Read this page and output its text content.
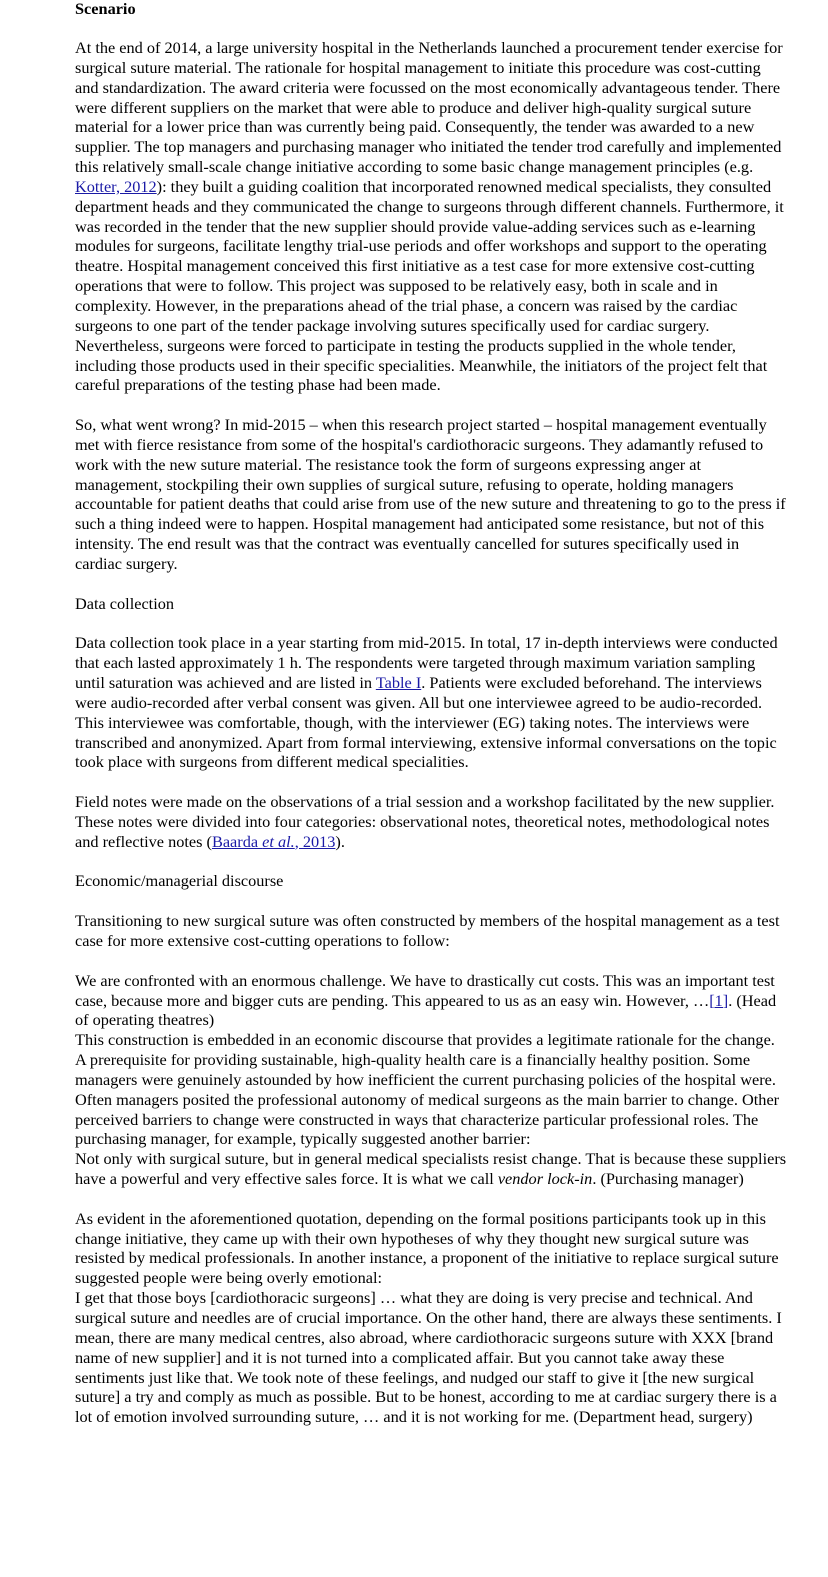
Scenario

At the end of 2014, a large university hospital in the Netherlands launched a procurement tender exercise for surgical suture material. The rationale for hospital management to initiate this procedure was cost-cutting and standardization. The award criteria were focussed on the most economically advantageous tender. There were different suppliers on the market that were able to produce and deliver high-quality surgical suture material for a lower price than was currently being paid. Consequently, the tender was awarded to a new supplier. The top managers and purchasing manager who initiated the tender trod carefully and implemented this relatively small-scale change initiative according to some basic change management principles (e.g. Kotter, 2012): they built a guiding coalition that incorporated renowned medical specialists, they consulted department heads and they communicated the change to surgeons through different channels. Furthermore, it was recorded in the tender that the new supplier should provide value-adding services such as e-learning modules for surgeons, facilitate lengthy trial-use periods and offer workshops and support to the operating theatre. Hospital management conceived this first initiative as a test case for more extensive cost-cutting operations that were to follow. This project was supposed to be relatively easy, both in scale and in complexity. However, in the preparations ahead of the trial phase, a concern was raised by the cardiac surgeons to one part of the tender package involving sutures specifically used for cardiac surgery. Nevertheless, surgeons were forced to participate in testing the products supplied in the whole tender, including those products used in their specific specialities. Meanwhile, the initiators of the project felt that careful preparations of the testing phase had been made.

So, what went wrong? In mid-2015 – when this research project started – hospital management eventually met with fierce resistance from some of the hospital's cardiothoracic surgeons. They adamantly refused to work with the new suture material. The resistance took the form of surgeons expressing anger at management, stockpiling their own supplies of surgical suture, refusing to operate, holding managers accountable for patient deaths that could arise from use of the new suture and threatening to go to the press if such a thing indeed were to happen. Hospital management had anticipated some resistance, but not of this intensity. The end result was that the contract was eventually cancelled for sutures specifically used in cardiac surgery.

Data collection

Data collection took place in a year starting from mid-2015. In total, 17 in-depth interviews were conducted that each lasted approximately 1 h. The respondents were targeted through maximum variation sampling until saturation was achieved and are listed in Table I. Patients were excluded beforehand. The interviews were audio-recorded after verbal consent was given. All but one interviewee agreed to be audio-recorded. This interviewee was comfortable, though, with the interviewer (EG) taking notes. The interviews were transcribed and anonymized. Apart from formal interviewing, extensive informal conversations on the topic took place with surgeons from different medical specialities.

Field notes were made on the observations of a trial session and a workshop facilitated by the new supplier. These notes were divided into four categories: observational notes, theoretical notes, methodological notes and reflective notes (Baarda et al., 2013).

Economic/managerial discourse

Transitioning to new surgical suture was often constructed by members of the hospital management as a test case for more extensive cost-cutting operations to follow:

We are confronted with an enormous challenge. We have to drastically cut costs. This was an important test case, because more and bigger cuts are pending. This appeared to us as an easy win. However, …[1]. (Head of operating theatres)

This construction is embedded in an economic discourse that provides a legitimate rationale for the change. A prerequisite for providing sustainable, high-quality health care is a financially healthy position. Some managers were genuinely astounded by how inefficient the current purchasing policies of the hospital were. Often managers posited the professional autonomy of medical surgeons as the main barrier to change. Other perceived barriers to change were constructed in ways that characterize particular professional roles. The purchasing manager, for example, typically suggested another barrier:

Not only with surgical suture, but in general medical specialists resist change. That is because these suppliers have a powerful and very effective sales force. It is what we call vendor lock-in. (Purchasing manager)

As evident in the aforementioned quotation, depending on the formal positions participants took up in this change initiative, they came up with their own hypotheses of why they thought new surgical suture was resisted by medical professionals. In another instance, a proponent of the initiative to replace surgical suture suggested people were being overly emotional:

I get that those boys [cardiothoracic surgeons] … what they are doing is very precise and technical. And surgical suture and needles are of crucial importance. On the other hand, there are always these sentiments. I mean, there are many medical centres, also abroad, where cardiothoracic surgeons suture with XXX [brand name of new supplier] and it is not turned into a complicated affair. But you cannot take away these sentiments just like that. We took note of these feelings, and nudged our staff to give it [the new surgical suture] a try and comply as much as possible. But to be honest, according to me at cardiac surgery there is a lot of emotion involved surrounding suture, … and it is not working for me. (Department head, surgery)
